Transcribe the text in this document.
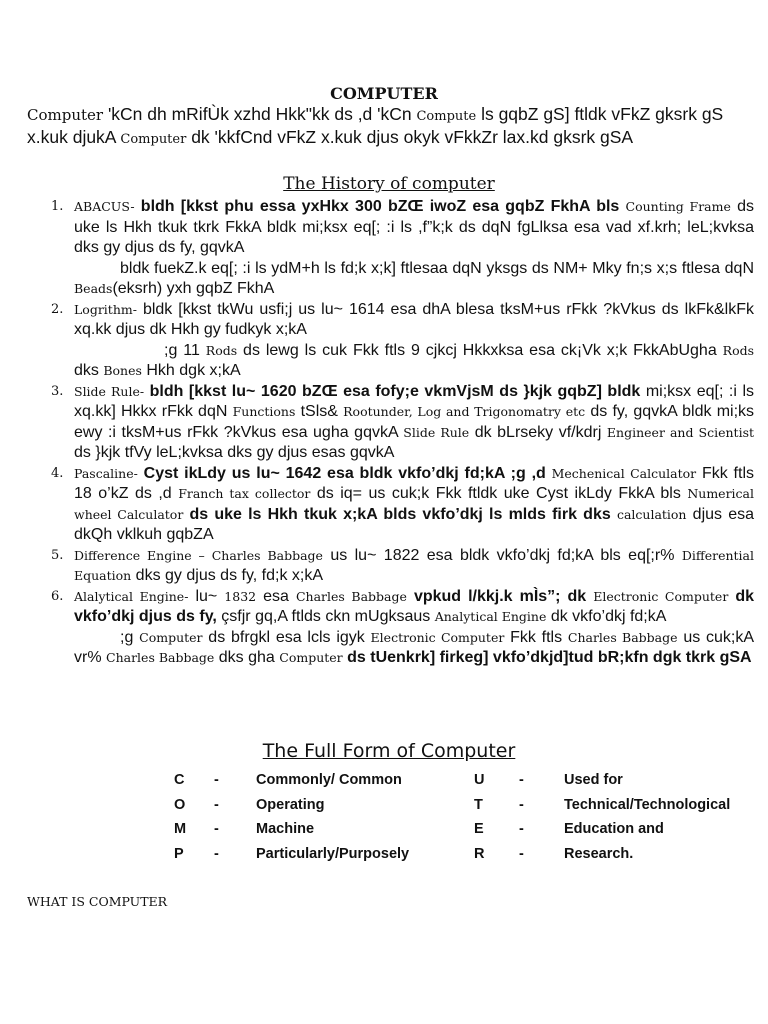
COMPUTER
Computer 'kCn dh mRifÙk xzhd Hkk"kk ds ,d 'kCn Compute ls gqbZ gS] ftldk vFkZ gksrk gS x.kuk djukA Computer dk 'kkfCnd vFkZ x.kuk djus okyk vFkkZr lax.kd gksrk gSA
The History of computer
1. ABACUS- bldh [kkst phu essa yxHkx 300 bZŒ iwoZ esa gqbZ FkhA bls Counting Frame ds uke ls Hkh tkuk tkrk FkkA bldk mi;ksx eq[; :i ls ,f”k;k ds dqN fgLlksa esa vad xf.krh; leL;kvksa dks gy djus ds fy, gqvkA
bldk fuekZ.k eq[; :i ls ydM+h ls fd;k x;k] ftlesaa dqN yksgs ds NM+ Mky fn;s x;s ftlesa dqN Beads(eksrh) yxh gqbZ FkhA
2. Logrithm- bldk [kkst tkWu usfi;j us lu~ 1614 esa dhA blesa tksM+us rFkk ?kVkus ds lkFk&lkFk xq.kk djus dk Hkh gy fudkyk x;kA
;g 11 Rods ds lewg ls cuk Fkk ftls 9 cjkcj Hkkxksa esa ck¡Vk x;k FkkAbUgha Rods dks Bones Hkh dgk x;kA
3. Slide Rule- bldh [kkst lu~ 1620 bZŒ esa fofy;e vkmVjsM ds }kjk gqbZ] bldk mi;ksx eq[; :i ls xq.kk] Hkkx rFkk dqN Functions tSls& Rootunder, Log and Trigonomatry etc ds fy, gqvkA bldk mi;ks ewy :i tksM+us rFkk ?kVkus esa ugha gqvkA Slide Rule dk bLrseky vf/kdrj Engineer and Scientist ds }kjk tfVy leL;kvksa dks gy djus esas gqvkA
4. Pascaline- Cyst ikLdy us lu~ 1642 esa bldk vkfo’dkj fd;kA ;g ,d Mechenical Calculator Fkk ftls 18 o’kZ ds ,d Franch tax collector ds iq= us cuk;k Fkk ftldk uke Cyst ikLdy FkkA bls Numerical wheel Calculator ds uke ls Hkh tkuk x;kA blds vkfo’dkj ls mlds firk dks calculation djus esa dkQh vklkuh gqbZA
5. Difference Engine – Charles Babbage us lu~ 1822 esa bldk vkfo’dkj fd;kA bls eq[;r% Differential Equation dks gy djus ds fy, fd;k x;kA
6. Alalytical Engine- lu~ 1832 esa Charles Babbage vpkud l/kkj.k mÌs”; dk Electronic Computer dk vkfo’dkj djus ds fy, çsfjr gq,A ftlds ckn mUgksaus Analytical Engine dk vkfo’dkj fd;kA
;g Computer ds bfrgkl esa lcls igyk Electronic Computer Fkk ftls Charles Babbage us cuk;kA vr% Charles Babbage dks gha Computer ds tUenkrk] firkeg] vkfo’dkjd]tud bR;kfn dgk tkrk gSA
The Full Form of Computer
C -	Commonly/ Common	U -	Used for
O -	Operating	T -	Technical/Technological
M -	Machine	E -	Education and
P -	Particularly/Purposely	R -	Research.
WHAT IS COMPUTER
